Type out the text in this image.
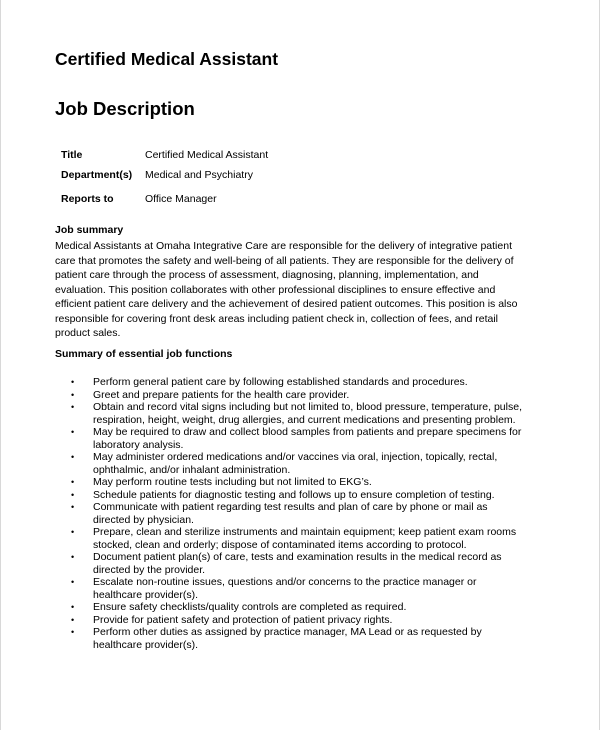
Certified Medical Assistant
Job Description
Title	Certified Medical Assistant
Department(s)	Medical and Psychiatry
Reports to	Office Manager
Job summary

Medical Assistants at Omaha Integrative Care are responsible for the delivery of integrative patient
care that promotes the safety and well-being of all patients. They are responsible for the delivery of
patient care through the process of assessment, diagnosing, planning, implementation, and
evaluation. This position collaborates with other professional disciplines to ensure effective and
efficient patient care delivery and the achievement of desired patient outcomes. This position is also
responsible for covering front desk areas including patient check in, collection of fees, and retail
product sales.

Summary of essential job functions
•	Perform general patient care by following established standards and procedures.
•	Greet and prepare patients for the health care provider.
•	Obtain and record vital signs including but not limited to, blood pressure, temperature, pulse,
respiration, height, weight, drug allergies, and current medications and presenting problem.
•	May be required to draw and collect blood samples from patients and prepare specimens for
laboratory analysis.
•	May administer ordered medications and/or vaccines via oral, injection, topically, rectal,
ophthalmic, and/or inhalant administration.
•	May perform routine tests including but not limited to EKG’s.
•	Schedule patients for diagnostic testing and follows up to ensure completion of testing.
•	Communicate with patient regarding test results and plan of care by phone or mail as
directed by physician.
•	Prepare, clean and sterilize instruments and maintain equipment; keep patient exam rooms
stocked, clean and orderly; dispose of contaminated items according to protocol.
•	Document patient plan(s) of care, tests and examination results in the medical record as
directed by the provider.
•	Escalate non-routine issues, questions and/or concerns to the practice manager or
healthcare provider(s).
•	Ensure safety checklists/quality controls are completed as required.
•	Provide for patient safety and protection of patient privacy rights.
•	Perform other duties as assigned by practice manager, MA Lead or as requested by
healthcare provider(s).
